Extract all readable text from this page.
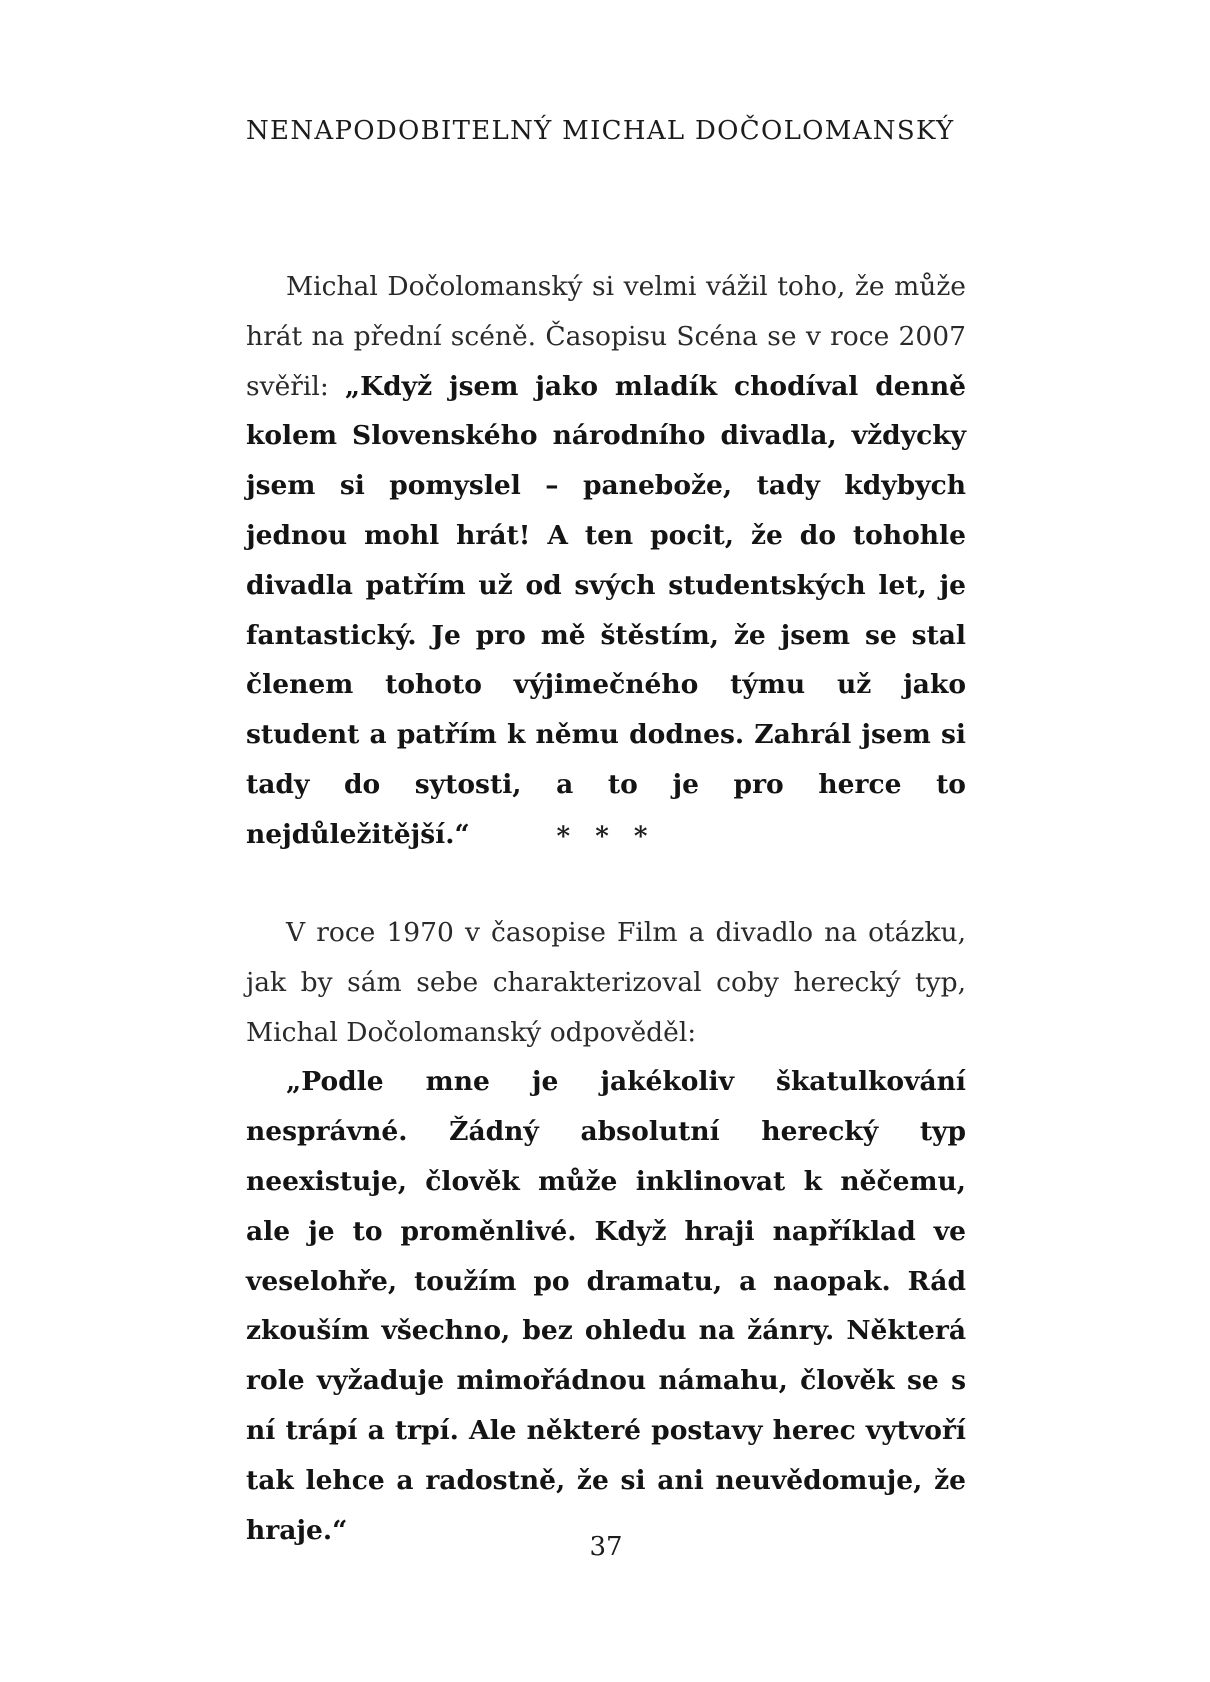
NENAPODOBITELNÝ MICHAL DOČOLOMANSKÝ

Michal Dočolomanský si velmi vážil toho, že může hrát na přední scéně. Časopisu Scéna se v roce 2007 svěřil: „Když jsem jako mladík chodíval denně kolem Slovenského národního divadla, vždycky jsem si pomyslel – panebože, tady kdybych jednou mohl hrát! A ten pocit, že do tohohle divadla patřím už od svých studentských let, je fantastický. Je pro mě štěstím, že jsem se stal členem tohoto výjimečného týmu už jako student a patřím k němu dodnes. Zahrál jsem si tady do sytosti, a to je pro herce to nejdůležitější.“	* * *

V roce 1970 v časopise Film a divadlo na otázku, jak by sám sebe charakterizoval coby herecký typ, Michal Dočolomanský odpověděl:

„Podle mne je jakékoliv škatulkování nesprávné. Žádný absolutní herecký typ neexistuje, člověk může inklinovat k něčemu, ale je to proměnlivé. Když hraji například ve veselohře, toužím po dramatu, a naopak. Rád zkouším všechno, bez ohledu na žánry. Některá role vyžaduje mimořádnou námahu, člověk se s ní trápí a trpí. Ale některé postavy herec vytvoří tak lehce a radostně, že si ani neuvědomuje, že hraje.“

37
